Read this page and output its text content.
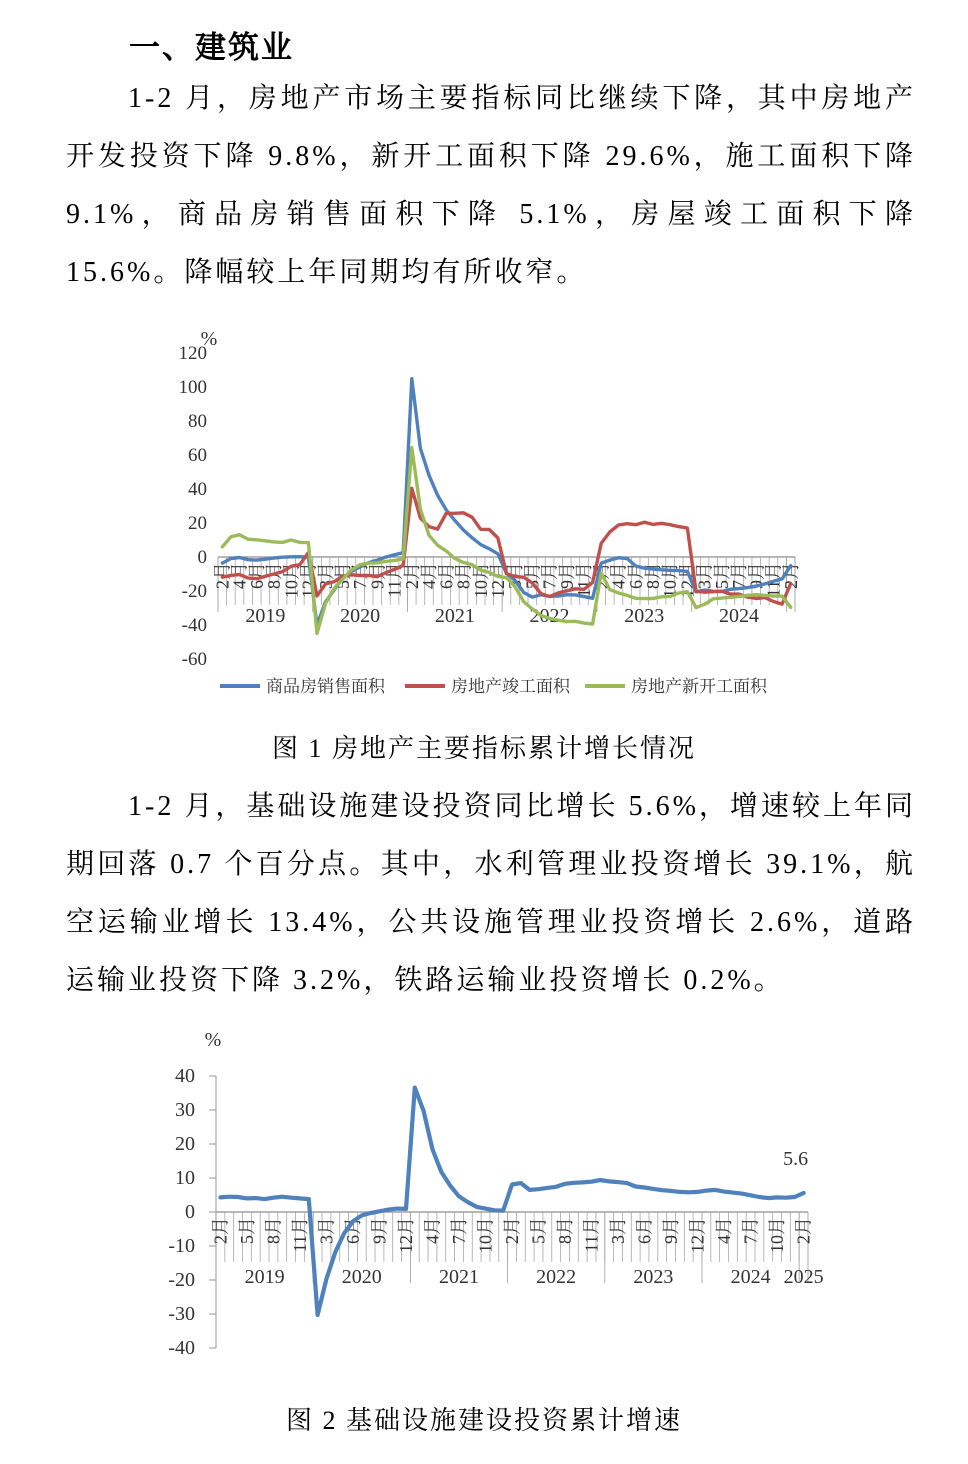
一、建筑业

1-2 月，房地产市场主要指标同比继续下降，其中房地产开发投资下降 9.8%，新开工面积下降 29.6%，施工面积下降 9.1%，商品房销售面积下降 5.1%，房屋竣工面积下降 15.6%。降幅较上年同期均有所收窄。

-60
-40
-20
0
20
40
60
80
100
120
%
2月
4月
6月
8月
10月
12月
3月
5月
7月
9月
11月
2月
4月
6月
8月
10月
12月
3月
5月
7月
9月
11月
2月
4月
6月
8月
10月
12月
3月
5月
7月
9月
11月
2月
2019	2020	2021	2022	2023	2024
商品房销售面积	房地产竣工面积	房地产新开工面积

图 1 房地产主要指标累计增长情况

1-2 月，基础设施建设投资同比增长 5.6%，增速较上年同期回落 0.7 个百分点。其中，水利管理业投资增长 39.1%，航空运输业增长 13.4%，公共设施管理业投资增长 2.6%，道路运输业投资下降 3.2%，铁路运输业投资增长 0.2%。

-40
-30
-20
-10
0
10
20
30
40
%
2月 5月 8月 11月 3月 6月 9月 12月 4月 7月 10月 2月 5月 8月 11月 3月 6月 9月 12月 4月 7月 10月 2月
2019	2020	2021	2022	2023	2024 2025
5.6

图 2 基础设施建设投资累计增速
